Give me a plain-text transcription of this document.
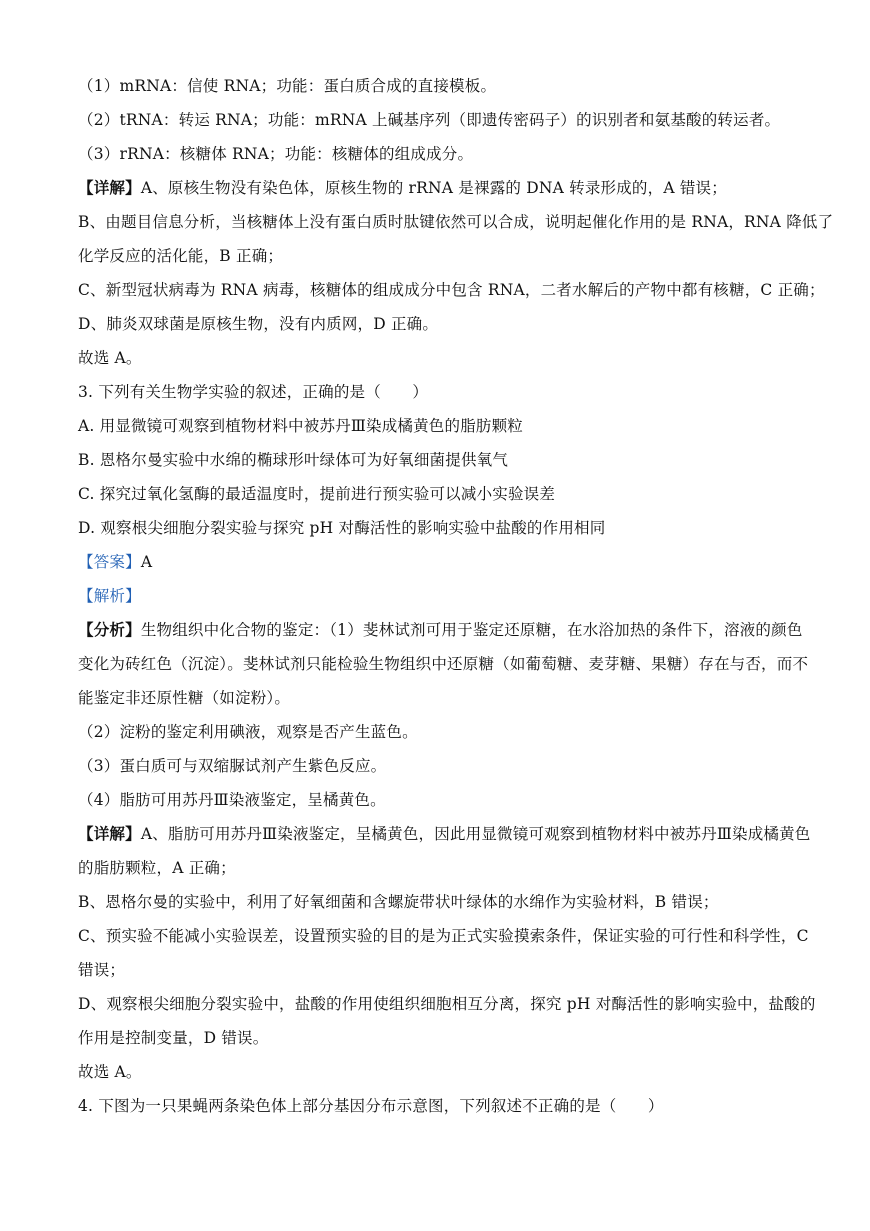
（1）mRNA：信使 RNA；功能：蛋白质合成的直接模板。
（2）tRNA：转运 RNA；功能：mRNA 上碱基序列（即遗传密码子）的识别者和氨基酸的转运者。
（3）rRNA：核糖体 RNA；功能：核糖体的组成成分。
【详解】A、原核生物没有染色体，原核生物的 rRNA 是裸露的 DNA 转录形成的，A 错误；
B、由题目信息分析，当核糖体上没有蛋白质时肽键依然可以合成，说明起催化作用的是 RNA，RNA 降低了
化学反应的活化能，B 正确；
C、新型冠状病毒为 RNA 病毒，核糖体的组成成分中包含 RNA，二者水解后的产物中都有核糖，C 正确；
D、肺炎双球菌是原核生物，没有内质网，D 正确。
故选 A。
3. 下列有关生物学实验的叙述，正确的是（　　）
A. 用显微镜可观察到植物材料中被苏丹Ⅲ染成橘黄色的脂肪颗粒
B. 恩格尔曼实验中水绵的椭球形叶绿体可为好氧细菌提供氧气
C. 探究过氧化氢酶的最适温度时，提前进行预实验可以减小实验误差
D. 观察根尖细胞分裂实验与探究 pH 对酶活性的影响实验中盐酸的作用相同
【答案】A
【解析】
【分析】生物组织中化合物的鉴定：（1）斐林试剂可用于鉴定还原糖，在水浴加热的条件下，溶液的颜色
变化为砖红色（沉淀）。斐林试剂只能检验生物组织中还原糖（如葡萄糖、麦芽糖、果糖）存在与否，而不
能鉴定非还原性糖（如淀粉）。
（2）淀粉的鉴定利用碘液，观察是否产生蓝色。
（3）蛋白质可与双缩脲试剂产生紫色反应。
（4）脂肪可用苏丹Ⅲ染液鉴定，呈橘黄色。
【详解】A、脂肪可用苏丹Ⅲ染液鉴定，呈橘黄色，因此用显微镜可观察到植物材料中被苏丹Ⅲ染成橘黄色
的脂肪颗粒，A 正确；
B、恩格尔曼的实验中，利用了好氧细菌和含螺旋带状叶绿体的水绵作为实验材料，B 错误；
C、预实验不能减小实验误差，设置预实验的目的是为正式实验摸索条件，保证实验的可行性和科学性，C
错误；
D、观察根尖细胞分裂实验中，盐酸的作用使组织细胞相互分离，探究 pH 对酶活性的影响实验中，盐酸的
作用是控制变量，D 错误。
故选 A。
4. 下图为一只果蝇两条染色体上部分基因分布示意图，下列叙述不正确的是（　　）
